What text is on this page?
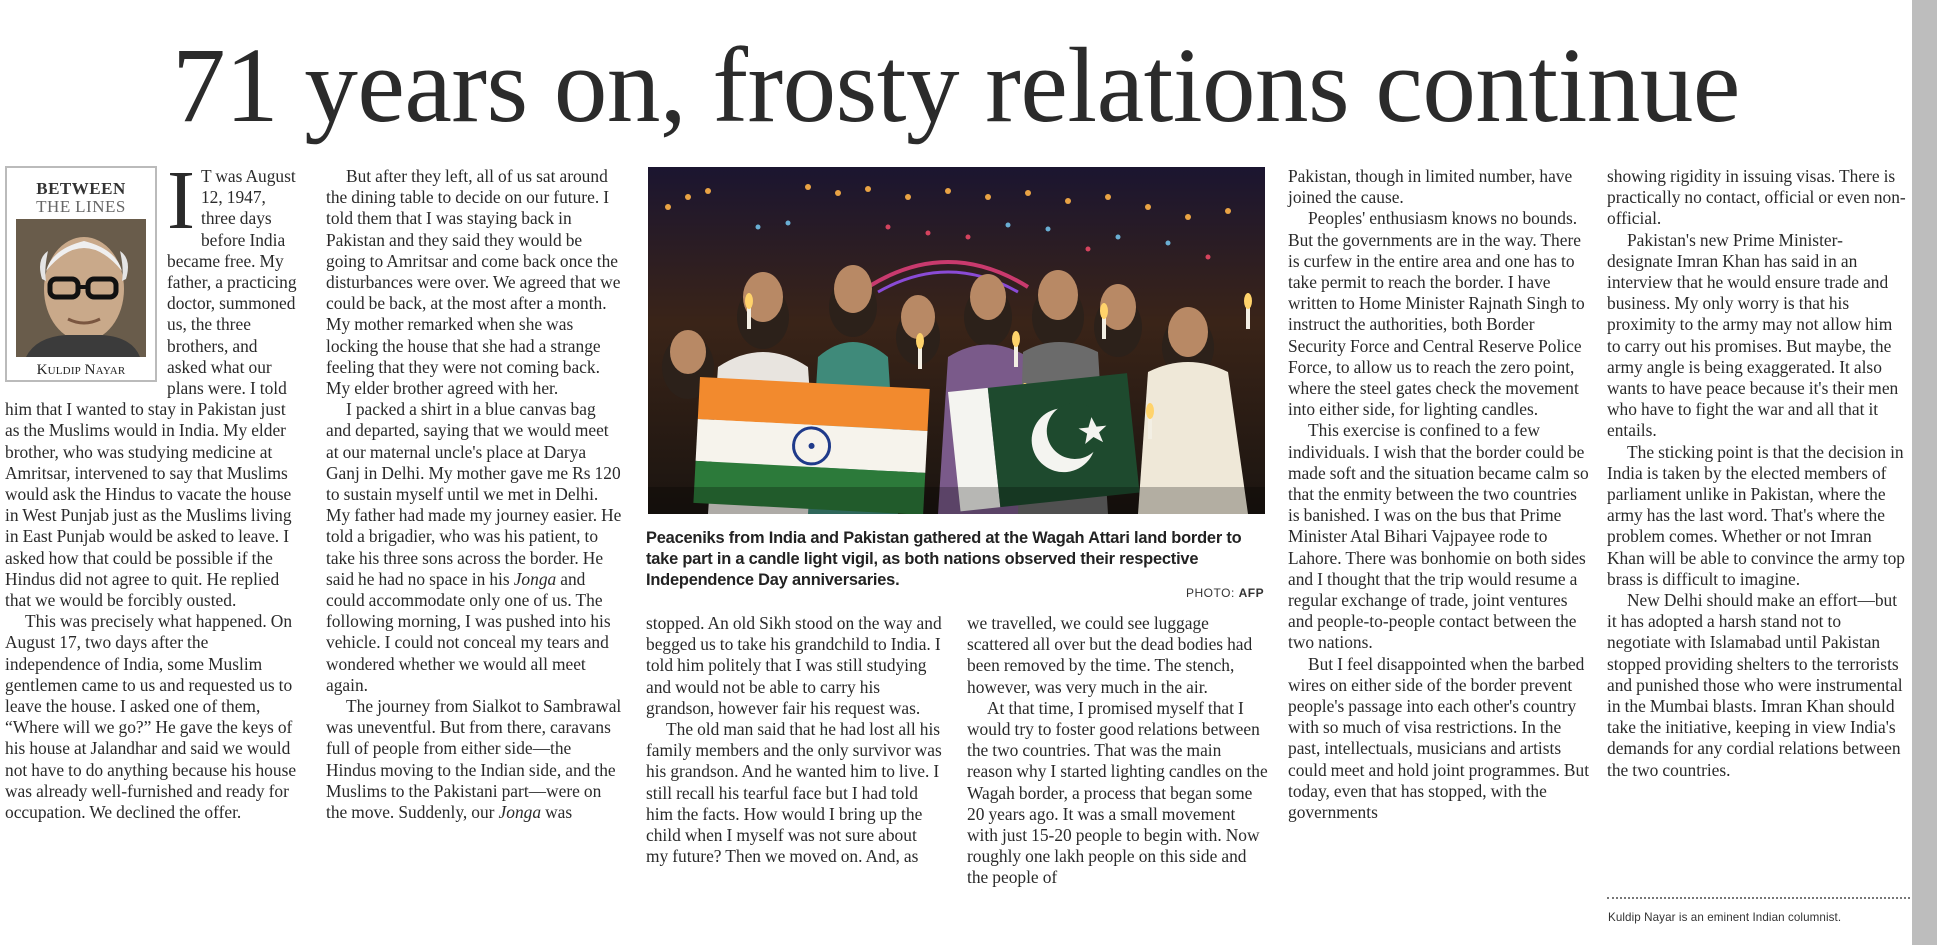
71 years on, frosty relations continue
BETWEEN
THE LINES
Kuldip Nayar
I T was August 12, 1947, three days before India became free. My father, a practicing doctor, summoned us, the three brothers, and asked what our plans were. I told him that I wanted to stay in Pakistan just as the Muslims would in India. My elder brother, who was studying medicine at Amritsar, intervened to say that Muslims would ask the Hindus to vacate the house in West Punjab just as the Muslims living in East Punjab would be asked to leave. I asked how that could be possible if the Hindus did not agree to quit. He replied that we would be forcibly ousted.

This was precisely what happened. On August 17, two days after the independence of India, some Muslim gentlemen came to us and requested us to leave the house. I asked one of them, “Where will we go?” He gave the keys of his house at Jalandhar and said we would not have to do anything because his house was already well-furnished and ready for occupation. We declined the offer.

But after they left, all of us sat around the dining table to decide on our future. I told them that I was staying back in Pakistan and they said they would be going to Amritsar and come back once the disturbances were over. We agreed that we could be back, at the most after a month. My mother remarked when she was locking the house that she had a strange feeling that they were not coming back. My elder brother agreed with her.

I packed a shirt in a blue canvas bag and departed, saying that we would meet at our maternal uncle's place at Darya Ganj in Delhi. My mother gave me Rs 120 to sustain myself until we met in Delhi. My father had made my journey easier. He told a brigadier, who was his patient, to take his three sons across the border. He said he had no space in his Jonga and could accommodate only one of us. The following morning, I was pushed into his vehicle. I could not conceal my tears and wondered whether we would all meet again.

The journey from Sialkot to Sambrawal was uneventful. But from there, caravans full of people from either side—the Hindus moving to the Indian side, and the Muslims to the Pakistani part—were on the move. Suddenly, our Jonga was

Peaceniks from India and Pakistan gathered at the Wagah Attari land border to take part in a candle light vigil, as both nations observed their respective Independence Day anniversaries.
PHOTO: AFP

stopped. An old Sikh stood on the way and begged us to take his grandchild to India. I told him politely that I was still studying and would not be able to carry his grandson, however fair his request was.

The old man said that he had lost all his family members and the only survivor was his grandson. And he wanted him to live. I still recall his tearful face but I had told him the facts. How would I bring up the child when I myself was not sure about my future? Then we moved on. And, as

we travelled, we could see luggage scattered all over but the dead bodies had been removed by the time. The stench, however, was very much in the air.

At that time, I promised myself that I would try to foster good relations between the two countries. That was the main reason why I started lighting candles on the Wagah border, a process that began some 20 years ago. It was a small movement with just 15-20 people to begin with. Now roughly one lakh people on this side and the people of

Pakistan, though in limited number, have joined the cause.

Peoples' enthusiasm knows no bounds. But the governments are in the way. There is curfew in the entire area and one has to take permit to reach the border. I have written to Home Minister Rajnath Singh to instruct the authorities, both Border Security Force and Central Reserve Police Force, to allow us to reach the zero point, where the steel gates check the movement into either side, for lighting candles.

This exercise is confined to a few individuals. I wish that the border could be made soft and the situation became calm so that the enmity between the two countries is banished. I was on the bus that Prime Minister Atal Bihari Vajpayee rode to Lahore. There was bonhomie on both sides and I thought that the trip would resume a regular exchange of trade, joint ventures and people-to-people contact between the two nations.

But I feel disappointed when the barbed wires on either side of the border prevent people's passage into each other's country with so much of visa restrictions. In the past, intellectuals, musicians and artists could meet and hold joint programmes. But today, even that has stopped, with the governments

showing rigidity in issuing visas. There is practically no contact, official or even non-official.

Pakistan's new Prime Minister-designate Imran Khan has said in an interview that he would ensure trade and business. My only worry is that his proximity to the army may not allow him to carry out his promises. But maybe, the army angle is being exaggerated. It also wants to have peace because it's their men who have to fight the war and all that it entails.

The sticking point is that the decision in India is taken by the elected members of parliament unlike in Pakistan, where the army has the last word. That's where the problem comes. Whether or not Imran Khan will be able to convince the army top brass is difficult to imagine.

New Delhi should make an effort—but it has adopted a harsh stand not to negotiate with Islamabad until Pakistan stopped providing shelters to the terrorists and punished those who were instrumental in the Mumbai blasts. Imran Khan should take the initiative, keeping in view India's demands for any cordial relations between the two countries.

Kuldip Nayar is an eminent Indian columnist.
